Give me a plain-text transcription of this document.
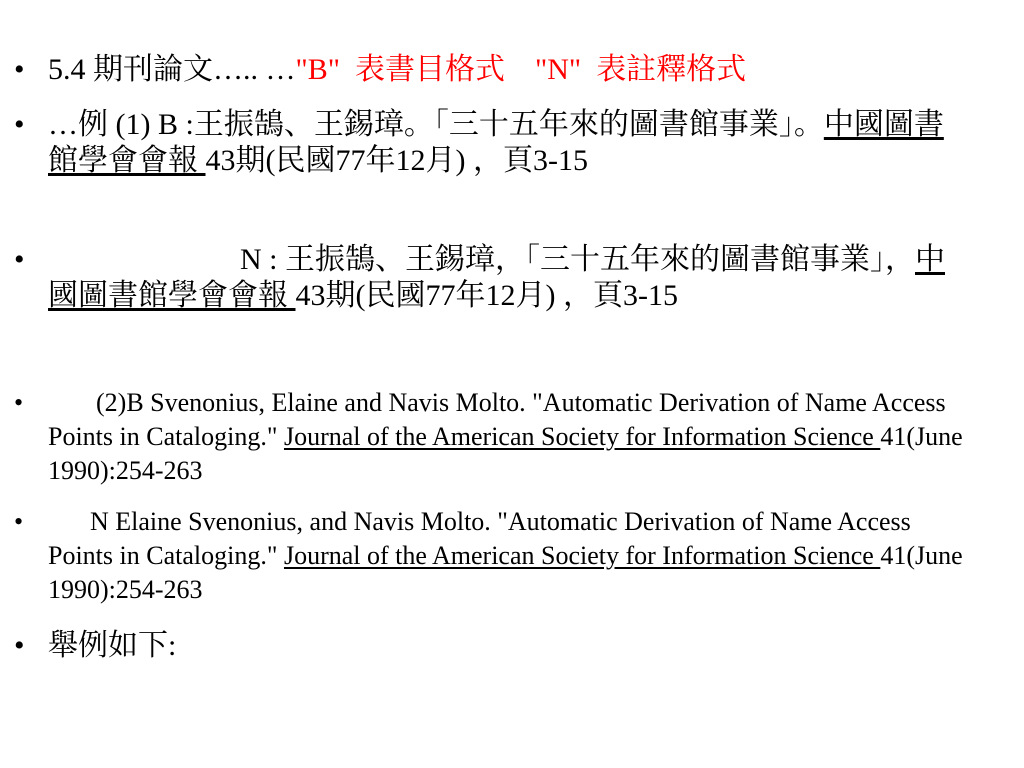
• 5.4 期刊論文….. …"B" 表書目格式 "N" 表註釋格式
• …例 (1) B :王振鵠、王錫璋。「三十五年來的圖書館事業」。中國圖書館學會會報 43期(民國77年12月) ，頁3-15
•	N : 王振鵠、王錫璋，「三十五年來的圖書館事業」，中國圖書館學會會報 43期(民國77年12月) ，頁3-15
•	(2)B Svenonius, Elaine and Navis Molto. "Automatic Derivation of Name Access Points in Cataloging." Journal of the American Society for Information Science 41(June 1990):254-263
•	N Elaine Svenonius, and Navis Molto. "Automatic Derivation of Name Access Points in Cataloging." Journal of the American Society for Information Science 41(June 1990):254-263
• 舉例如下:
